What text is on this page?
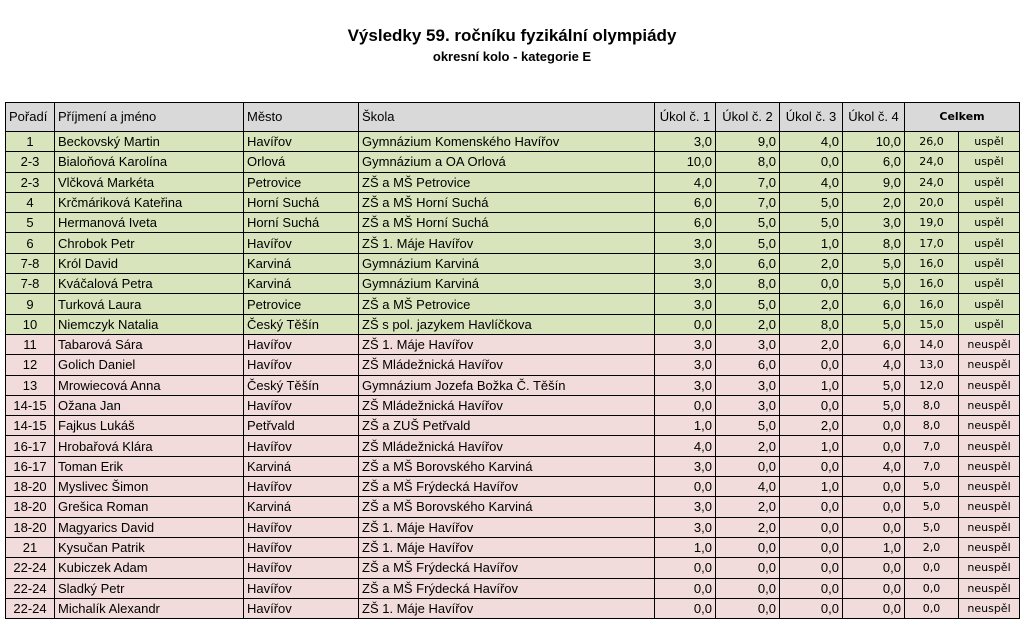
Výsledky 59. ročníku fyzikální olympiády
okresní kolo - kategorie E
Pořadí	Příjmení a jméno	Město	Škola	Úkol č. 1	Úkol č. 2	Úkol č. 3	Úkol č. 4	Celkem	
1	Beckovský Martin	Havířov	Gymnázium Komenského Havířov	3,0	9,0	4,0	10,0	26,0	uspěl
2-3	Bialoňová Karolína	Orlová	Gymnázium a OA Orlová	10,0	8,0	0,0	6,0	24,0	uspěl
2-3	Vlčková Markéta	Petrovice	ZŠ a MŠ Petrovice	4,0	7,0	4,0	9,0	24,0	uspěl
4	Krčmáriková Kateřina	Horní Suchá	ZŠ a MŠ Horní Suchá	6,0	7,0	5,0	2,0	20,0	uspěl
5	Hermanová Iveta	Horní Suchá	ZŠ a MŠ Horní Suchá	6,0	5,0	5,0	3,0	19,0	uspěl
6	Chrobok Petr	Havířov	ZŠ 1. Máje Havířov	3,0	5,0	1,0	8,0	17,0	uspěl
7-8	Król David	Karviná	Gymnázium Karviná	3,0	6,0	2,0	5,0	16,0	uspěl
7-8	Kváčalová Petra	Karviná	Gymnázium Karviná	3,0	8,0	0,0	5,0	16,0	uspěl
9	Turková Laura	Petrovice	ZŠ a MŠ Petrovice	3,0	5,0	2,0	6,0	16,0	uspěl
10	Niemczyk Natalia	Český Těšín	ZŠ s pol. jazykem Havlíčkova	0,0	2,0	8,0	5,0	15,0	uspěl
11	Tabarová Sára	Havířov	ZŠ 1. Máje Havířov	3,0	3,0	2,0	6,0	14,0	neuspěl
12	Golich Daniel	Havířov	ZŠ Mládežnická Havířov	3,0	6,0	0,0	4,0	13,0	neuspěl
13	Mrowiecová Anna	Český Těšín	Gymnázium Jozefa Božka Č. Těšín	3,0	3,0	1,0	5,0	12,0	neuspěl
14-15	Ožana Jan	Havířov	ZŠ Mládežnická Havířov	0,0	3,0	0,0	5,0	8,0	neuspěl
14-15	Fajkus Lukáš	Petřvald	ZŠ a ZUŠ Petřvald	1,0	5,0	2,0	0,0	8,0	neuspěl
16-17	Hrobařová Klára	Havířov	ZŠ Mládežnická Havířov	4,0	2,0	1,0	0,0	7,0	neuspěl
16-17	Toman Erik	Karviná	ZŠ a MŠ Borovského Karviná	3,0	0,0	0,0	4,0	7,0	neuspěl
18-20	Myslivec Šimon	Havířov	ZŠ a MŠ Frýdecká Havířov	0,0	4,0	1,0	0,0	5,0	neuspěl
18-20	Grešica Roman	Karviná	ZŠ a MŠ Borovského Karviná	3,0	2,0	0,0	0,0	5,0	neuspěl
18-20	Magyarics David	Havířov	ZŠ 1. Máje Havířov	3,0	2,0	0,0	0,0	5,0	neuspěl
21	Kysučan Patrik	Havířov	ZŠ 1. Máje Havířov	1,0	0,0	0,0	1,0	2,0	neuspěl
22-24	Kubiczek Adam	Havířov	ZŠ a MŠ Frýdecká Havířov	0,0	0,0	0,0	0,0	0,0	neuspěl
22-24	Sladký Petr	Havířov	ZŠ a MŠ Frýdecká Havířov	0,0	0,0	0,0	0,0	0,0	neuspěl
22-24	Michalík Alexandr	Havířov	ZŠ 1. Máje Havířov	0,0	0,0	0,0	0,0	0,0	neuspěl
